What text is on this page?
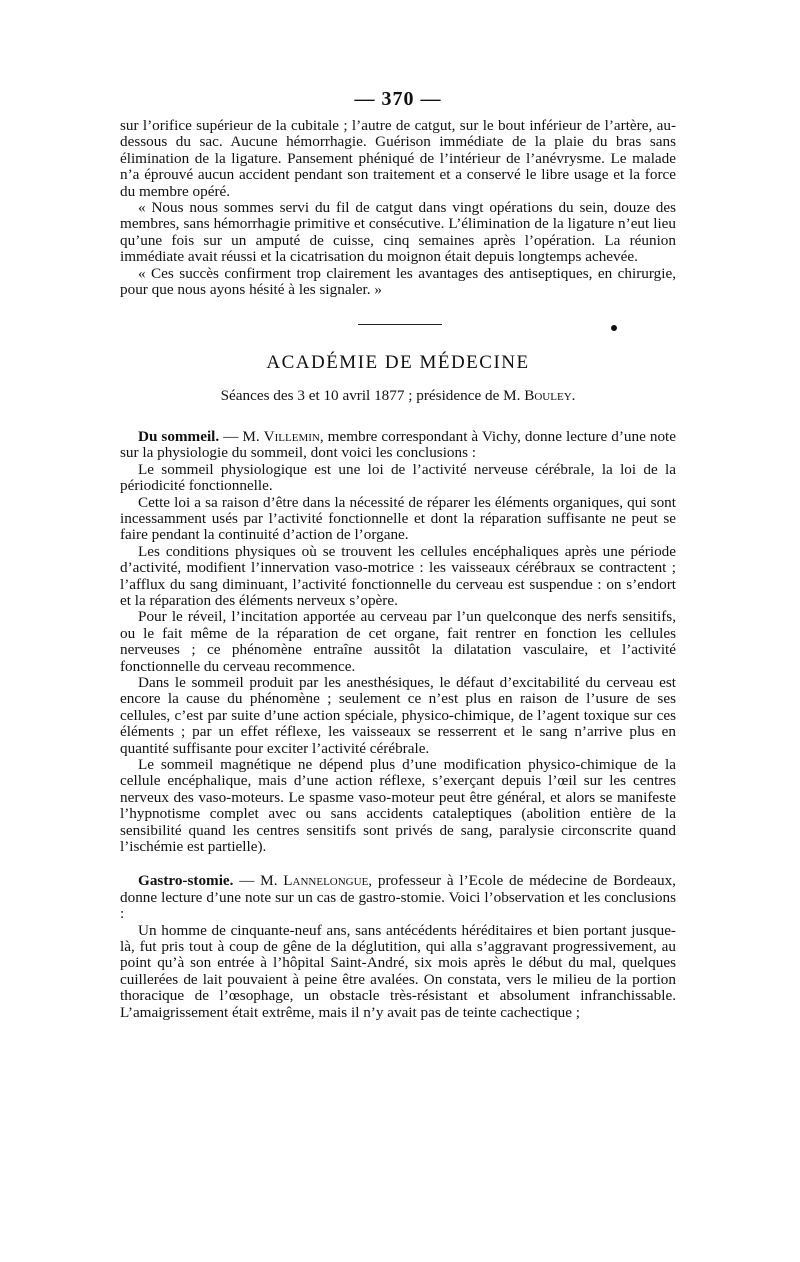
— 370 —

sur l’orifice supérieur de la cubitale ; l’autre de catgut, sur le bout inférieur de l’artère, au-dessous du sac. Aucune hémorrhagie. Guérison immédiate de la plaie du bras sans élimination de la ligature. Pansement phéniqué de l’intérieur de l’anévrysme. Le malade n’a éprouvé aucun accident pendant son traitement et a conservé le libre usage et la force du membre opéré.

« Nous nous sommes servi du fil de catgut dans vingt opérations du sein, douze des membres, sans hémorrhagie primitive et consécutive. L’élimination de la ligature n’eut lieu qu’une fois sur un amputé de cuisse, cinq semaines après l’opération. La réunion immédiate avait réussi et la cicatrisation du moignon était depuis longtemps achevée.

« Ces succès confirment trop clairement les avantages des antiseptiques, en chirurgie, pour que nous ayons hésité à les signaler. »

ACADÉMIE DE MÉDECINE
Séances des 3 et 10 avril 1877 ; présidence de M. Bouley.

Du sommeil. — M. Villemin, membre correspondant à Vichy, donne lecture d’une note sur la physiologie du sommeil, dont voici les conclusions :

Le sommeil physiologique est une loi de l’activité nerveuse cérébrale, la loi de la périodicité fonctionnelle.

Cette loi a sa raison d’être dans la nécessité de réparer les éléments organiques, qui sont incessamment usés par l’activité fonctionnelle et dont la réparation suffisante ne peut se faire pendant la continuité d’action de l’organe.

Les conditions physiques où se trouvent les cellules encéphaliques après une période d’activité, modifient l’innervation vaso-motrice : les vaisseaux cérébraux se contractent ; l’afflux du sang diminuant, l’activité fonctionnelle du cerveau est suspendue : on s’endort et la réparation des éléments nerveux s’opère.

Pour le réveil, l’incitation apportée au cerveau par l’un quelconque des nerfs sensitifs, ou le fait même de la réparation de cet organe, fait rentrer en fonction les cellules nerveuses ; ce phénomène entraîne aussitôt la dilatation vasculaire, et l’activité fonctionnelle du cerveau recommence.

Dans le sommeil produit par les anesthésiques, le défaut d’excitabilité du cerveau est encore la cause du phénomène ; seulement ce n’est plus en raison de l’usure de ses cellules, c’est par suite d’une action spéciale, physico-chimique, de l’agent toxique sur ces éléments ; par un effet réflexe, les vaisseaux se resserrent et le sang n’arrive plus en quantité suffisante pour exciter l’activité cérébrale.

Le sommeil magnétique ne dépend plus d’une modification physico-chimique de la cellule encéphalique, mais d’une action réflexe, s’exerçant depuis l’œil sur les centres nerveux des vaso-moteurs. Le spasme vaso-moteur peut être général, et alors se manifeste l’hypnotisme complet avec ou sans accidents cataleptiques (abolition entière de la sensibilité quand les centres sensitifs sont privés de sang, paralysie circonscrite quand l’ischémie est partielle).

Gastro-stomie. — M. Lannelongue, professeur à l’Ecole de médecine de Bordeaux, donne lecture d’une note sur un cas de gastro-stomie. Voici l’observation et les conclusions :

Un homme de cinquante-neuf ans, sans antécédents héréditaires et bien portant jusque-là, fut pris tout à coup de gêne de la déglutition, qui alla s’aggravant progressivement, au point qu’à son entrée à l’hôpital Saint-André, six mois après le début du mal, quelques cuillerées de lait pouvaient à peine être avalées. On constata, vers le milieu de la portion thoracique de l’œsophage, un obstacle très-résistant et absolument infranchissable. L’amaigrissement était extrême, mais il n’y avait pas de teinte cachectique ;
